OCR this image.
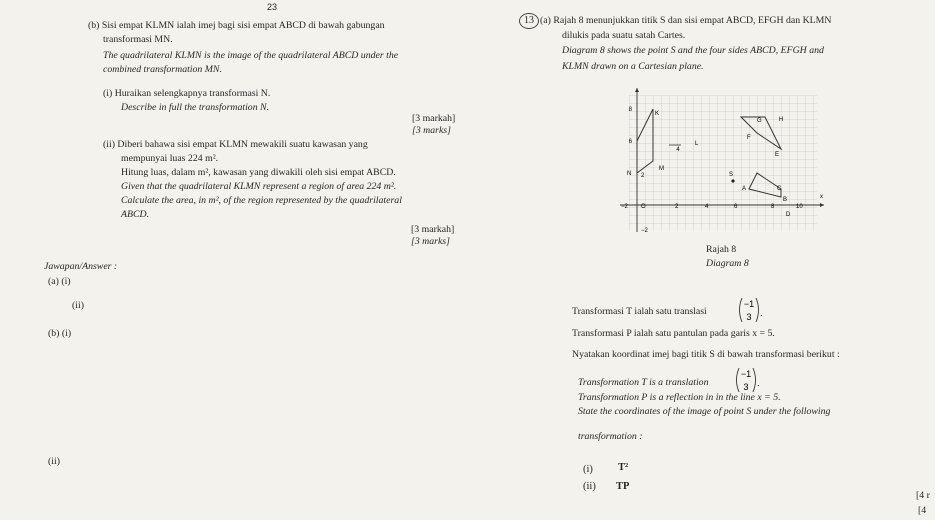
23
(b) Sisi empat KLMN ialah imej bagi sisi empat ABCD di bawah gabungan
transformasi MN.
The quadrilateral KLMN is the image of the quadrilateral ABCD under the
combined transformation MN.
(i) Huraikan selengkapnya transformasi N.
Describe in full the transformation N.
[3 markah]
[3 marks]
(ii) Diberi bahawa sisi empat KLMN mewakili suatu kawasan yang
mempunyai luas 224 m².
Hitung luas, dalam m², kawasan yang diwakili oleh sisi empat ABCD.
Given that the quadrilateral KLMN represent a region of area 224 m².
Calculate the area, in m², of the region represented by the quadrilateral
ABCD.
[3 markah]
[3 marks]
Jawapan/Answer :
(a) (i)
(ii)
(b) (i)
(ii)
13 (a) Rajah 8 menunjukkan titik S dan sisi empat ABCD, EFGH dan KLMN
dilukis pada suatu satah Cartes.
Diagram 8 shows the point S and the four sides ABCD, EFGH and
KLMN drawn on a Cartesian plane.
8
6
4
2
−2
−2 O	2	4	6	8	10
x
K
G	H
L
F
E
N
M
S
A	C
B
D
Rajah 8
Diagram 8
Transformasi T ialah satu translasi
−1
3 .
Transformasi P ialah satu pantulan pada garis x = 5.
Nyatakan koordinat imej bagi titik S di bawah transformasi berikut :
Transformation T is a translation
−1
3 .
Transformation P is a reflection in in the line x = 5.
State the coordinates of the image of point S under the following
transformation :
(i) T²
(ii) TP
[4 r
[4
